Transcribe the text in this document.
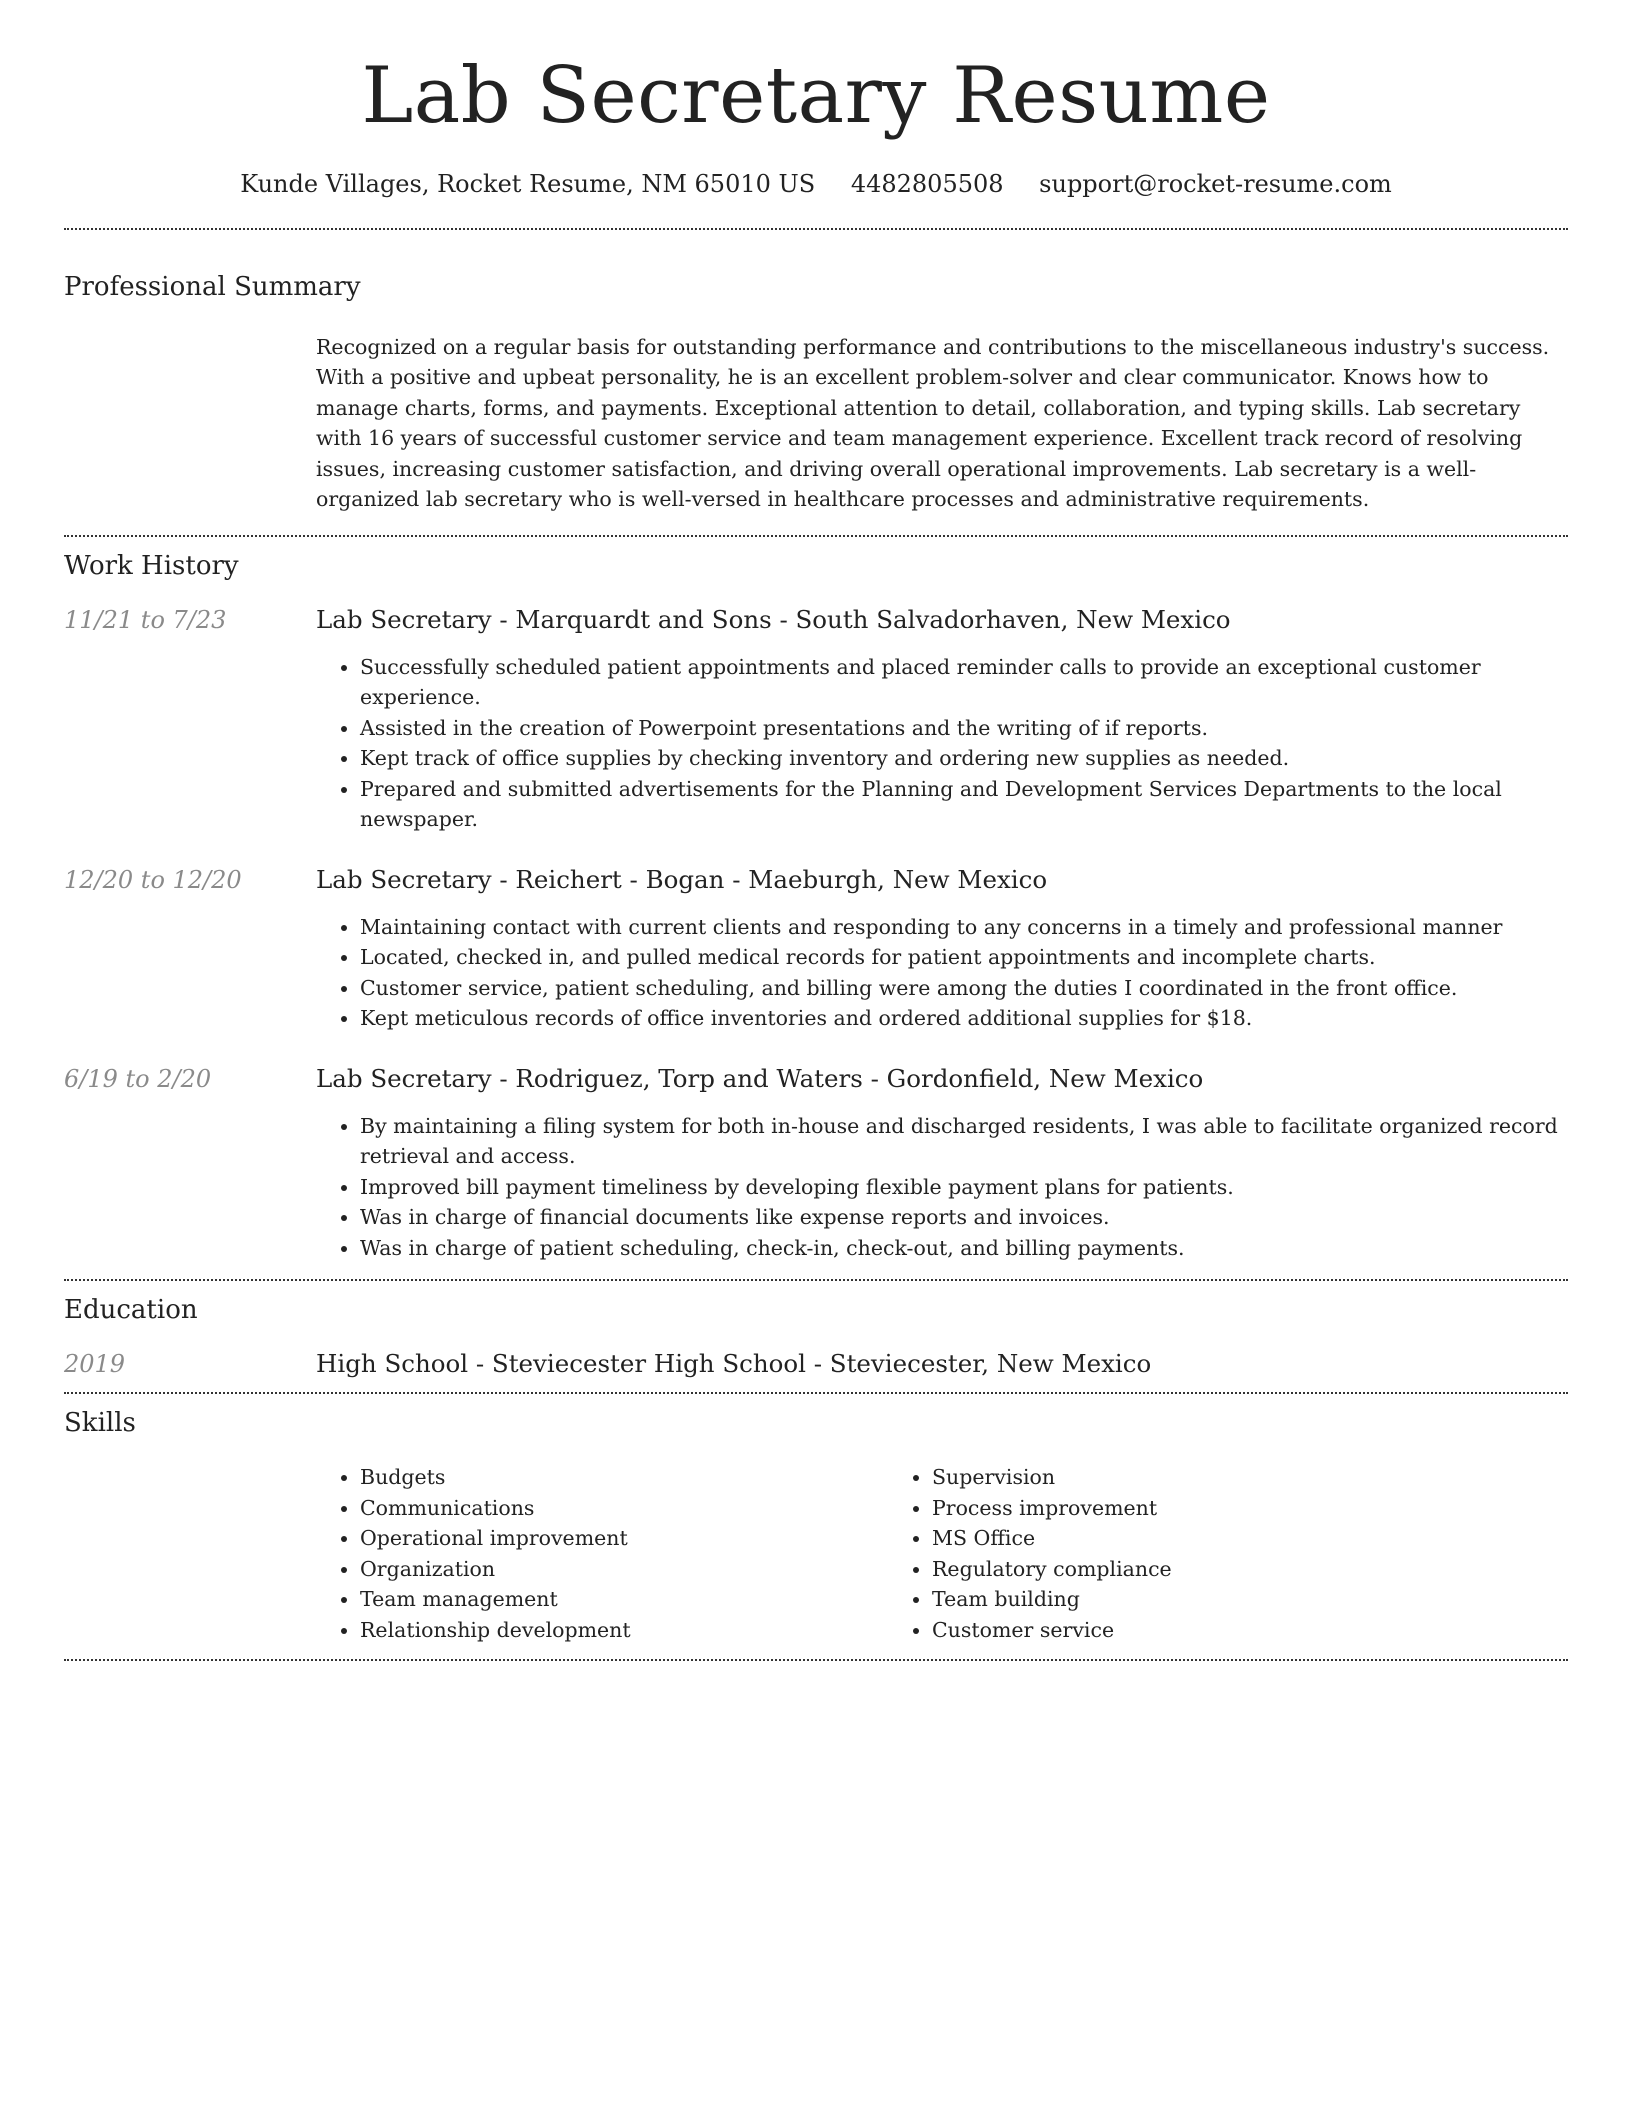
Lab Secretary Resume
Kunde Villages, Rocket Resume, NM 65010 US 4482805508 support@rocket-resume.com
Professional Summary

Recognized on a regular basis for outstanding performance and contributions to the miscellaneous industry's success. With a positive and upbeat personality, he is an excellent problem-solver and clear communicator. Knows how to manage charts, forms, and payments. Exceptional attention to detail, collaboration, and typing skills. Lab secretary with 16 years of successful customer service and team management experience. Excellent track record of resolving issues, increasing customer satisfaction, and driving overall operational improvements. Lab secretary is a well-organized lab secretary who is well-versed in healthcare processes and administrative requirements.

Work History
11/21 to 7/23	Lab Secretary - Marquardt and Sons - South Salvadorhaven, New Mexico
• Successfully scheduled patient appointments and placed reminder calls to provide an exceptional customer experience.
• Assisted in the creation of Powerpoint presentations and the writing of if reports.
• Kept track of office supplies by checking inventory and ordering new supplies as needed.
• Prepared and submitted advertisements for the Planning and Development Services Departments to the local newspaper.
12/20 to 12/20	Lab Secretary - Reichert - Bogan - Maeburgh, New Mexico
• Maintaining contact with current clients and responding to any concerns in a timely and professional manner
• Located, checked in, and pulled medical records for patient appointments and incomplete charts.
• Customer service, patient scheduling, and billing were among the duties I coordinated in the front office.
• Kept meticulous records of office inventories and ordered additional supplies for $18.
6/19 to 2/20	Lab Secretary - Rodriguez, Torp and Waters - Gordonfield, New Mexico
• By maintaining a filing system for both in-house and discharged residents, I was able to facilitate organized record retrieval and access.
• Improved bill payment timeliness by developing flexible payment plans for patients.
• Was in charge of financial documents like expense reports and invoices.
• Was in charge of patient scheduling, check-in, check-out, and billing payments.
Education
2019	High School - Steviecester High School - Steviecester, New Mexico
Skills
• Budgets
• Communications
• Operational improvement
• Organization
• Team management
• Relationship development
• Supervision
• Process improvement
• MS Office
• Regulatory compliance
• Team building
• Customer service
